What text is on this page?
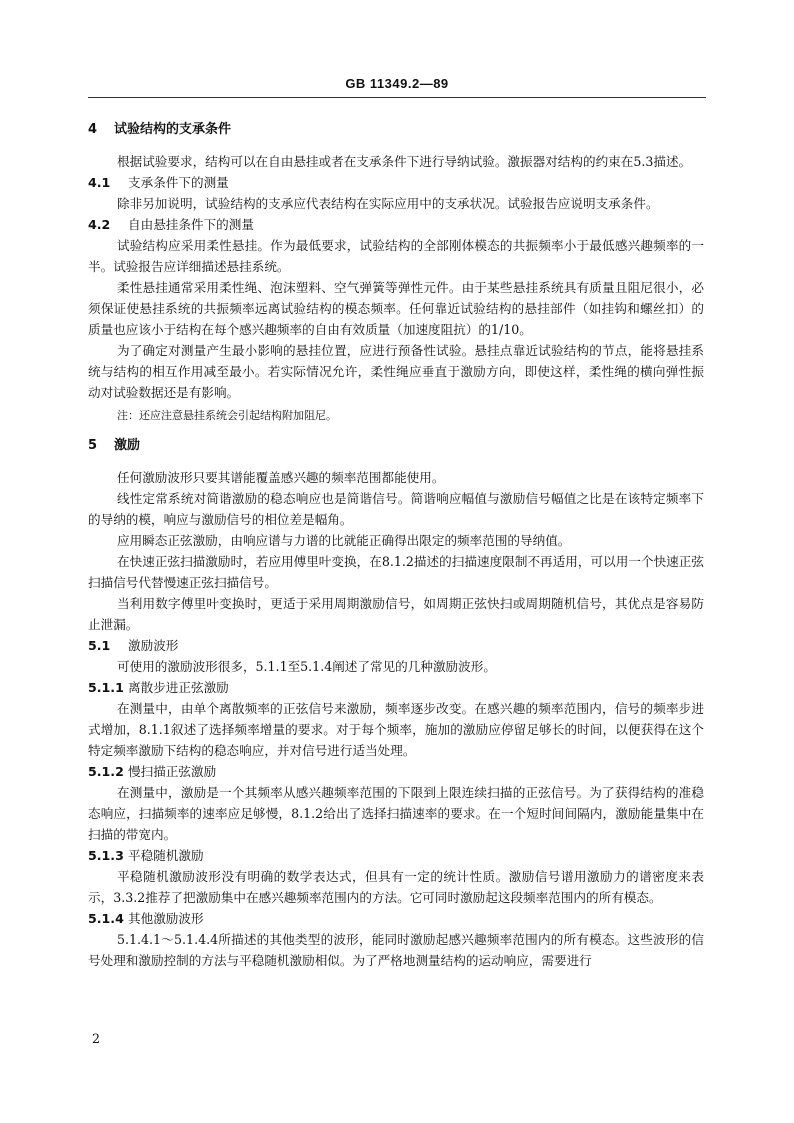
GB 11349.2—89
4 试验结构的支承条件

根据试验要求，结构可以在自由悬挂或者在支承条件下进行导纳试验。激振器对结构的约束在5.3描述。

4.1 支承条件下的测量

除非另加说明，试验结构的支承应代表结构在实际应用中的支承状况。试验报告应说明支承条件。

4.2 自由悬挂条件下的测量

试验结构应采用柔性悬挂。作为最低要求，试验结构的全部刚体模态的共振频率小于最低感兴趣频率的一半。试验报告应详细描述悬挂系统。

柔性悬挂通常采用柔性绳、泡沫塑料、空气弹簧等弹性元件。由于某些悬挂系统具有质量且阻尼很小，必须保证使悬挂系统的共振频率远离试验结构的模态频率。任何靠近试验结构的悬挂部件（如挂钩和螺丝扣）的质量也应该小于结构在每个感兴趣频率的自由有效质量（加速度阻抗）的1/10。

为了确定对测量产生最小影响的悬挂位置，应进行预备性试验。悬挂点靠近试验结构的节点，能将悬挂系统与结构的相互作用减至最小。若实际情况允许，柔性绳应垂直于激励方向，即使这样，柔性绳的横向弹性振动对试验数据还是有影响。

注：还应注意悬挂系统会引起结构附加阻尼。

5 激励

任何激励波形只要其谱能覆盖感兴趣的频率范围都能使用。

线性定常系统对简谐激励的稳态响应也是简谐信号。简谐响应幅值与激励信号幅值之比是在该特定频率下的导纳的模，响应与激励信号的相位差是幅角。

应用瞬态正弦激励，由响应谱与力谱的比就能正确得出限定的频率范围的导纳值。

在快速正弦扫描激励时，若应用傅里叶变换，在8.1.2描述的扫描速度限制不再适用，可以用一个快速正弦扫描信号代替慢速正弦扫描信号。

当利用数字傅里叶变换时，更适于采用周期激励信号，如周期正弦快扫或周期随机信号，其优点是容易防止泄漏。

5.1 激励波形

可使用的激励波形很多，5.1.1至5.1.4阐述了常见的几种激励波形。

5.1.1 离散步进正弦激励

在测量中，由单个离散频率的正弦信号来激励，频率逐步改变。在感兴趣的频率范围内，信号的频率步进式增加，8.1.1叙述了选择频率增量的要求。对于每个频率，施加的激励应停留足够长的时间，以便获得在这个特定频率激励下结构的稳态响应，并对信号进行适当处理。

5.1.2 慢扫描正弦激励

在测量中，激励是一个其频率从感兴趣频率范围的下限到上限连续扫描的正弦信号。为了获得结构的准稳态响应，扫描频率的速率应足够慢，8.1.2给出了选择扫描速率的要求。在一个短时间间隔内，激励能量集中在扫描的带宽内。

5.1.3 平稳随机激励

平稳随机激励波形没有明确的数学表达式，但具有一定的统计性质。激励信号谱用激励力的谱密度来表示，3.3.2推荐了把激励集中在感兴趣频率范围内的方法。它可同时激励起这段频率范围内的所有模态。

5.1.4 其他激励波形

5.1.4.1～5.1.4.4所描述的其他类型的波形，能同时激励起感兴趣频率范围内的所有模态。这些波形的信号处理和激励控制的方法与平稳随机激励相似。为了严格地测量结构的运动响应，需要进行

2
